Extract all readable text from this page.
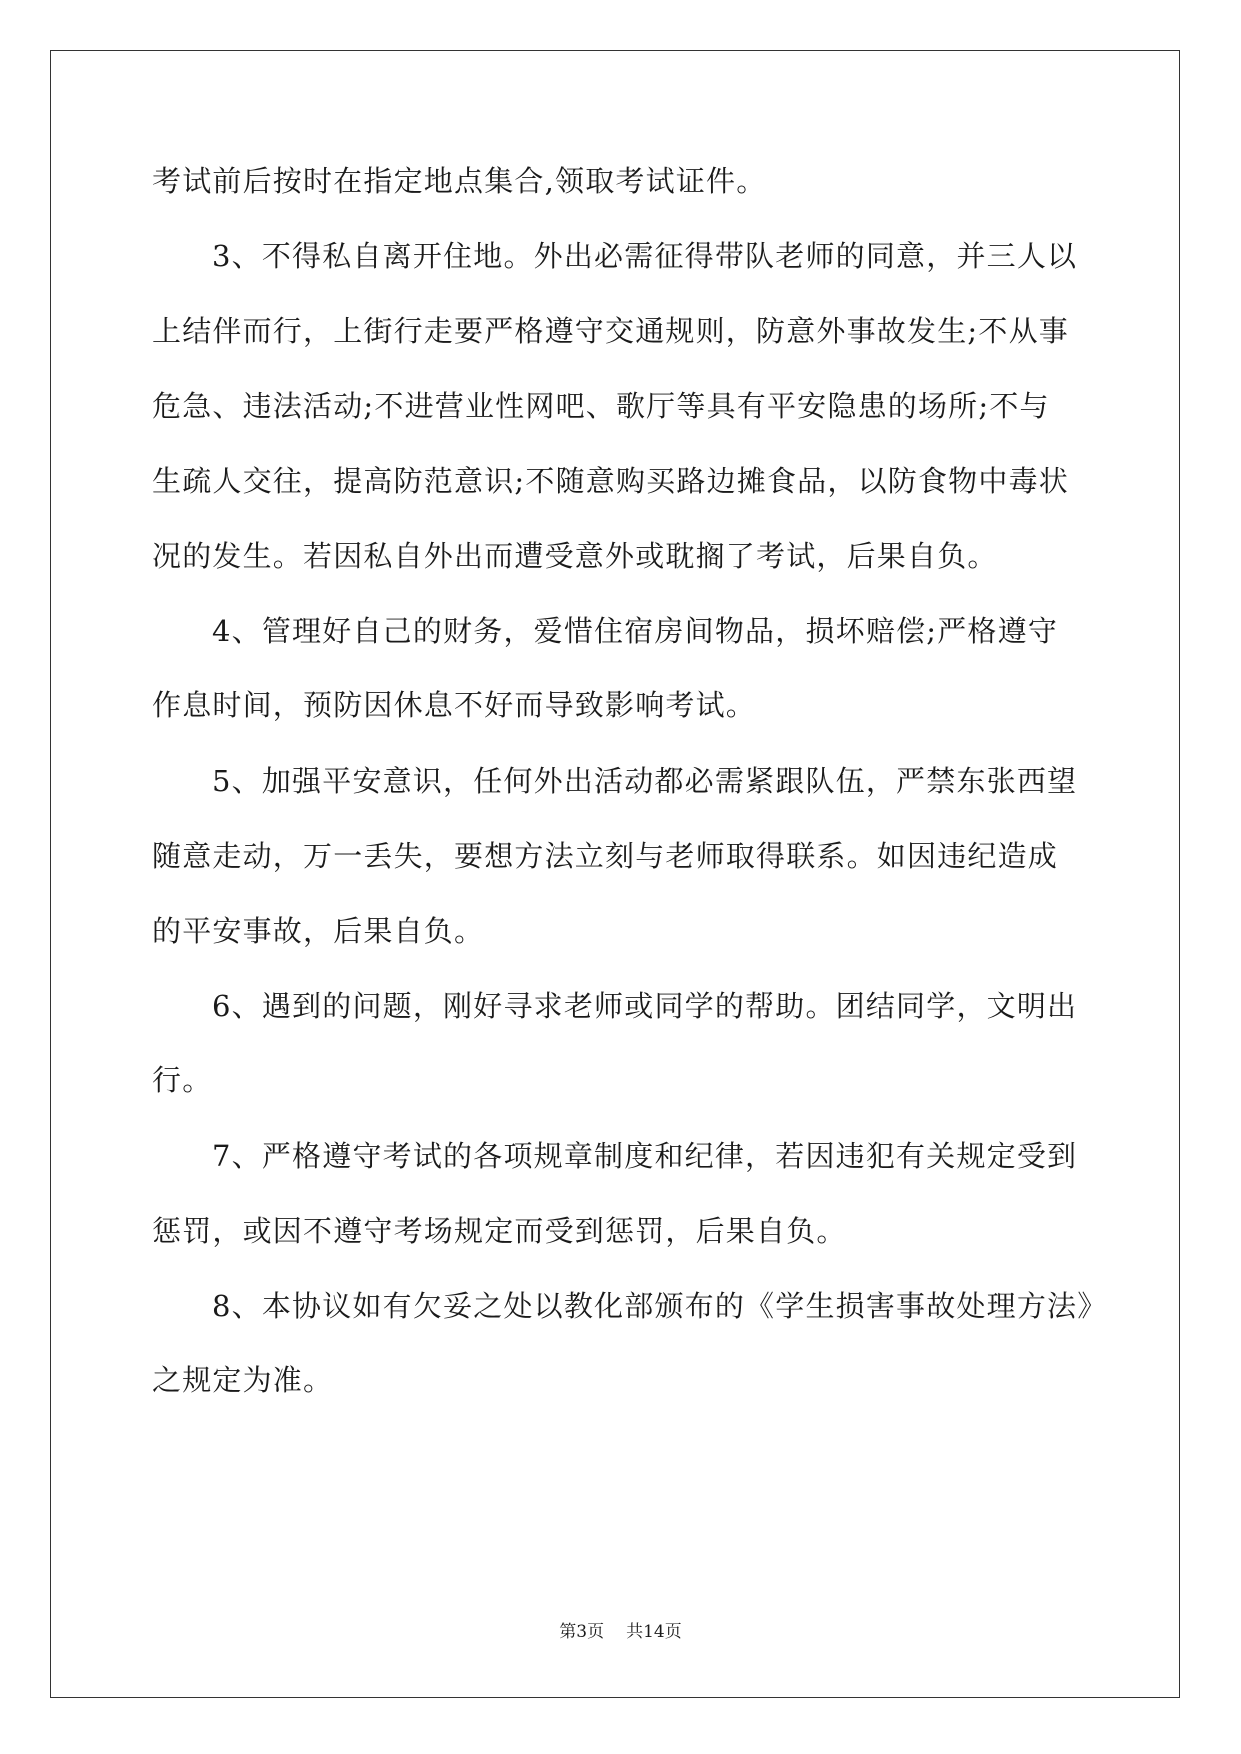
考试前后按时在指定地点集合,领取考试证件。
3、不得私自离开住地。外出必需征得带队老师的同意，并三人以
上结伴而行，上街行走要严格遵守交通规则，防意外事故发生;不从事
危急、违法活动;不进营业性网吧、歌厅等具有平安隐患的场所;不与
生疏人交往，提高防范意识;不随意购买路边摊食品，以防食物中毒状
况的发生。若因私自外出而遭受意外或耽搁了考试，后果自负。
4、管理好自己的财务，爱惜住宿房间物品，损坏赔偿;严格遵守
作息时间，预防因休息不好而导致影响考试。
5、加强平安意识，任何外出活动都必需紧跟队伍，严禁东张西望
随意走动，万一丢失，要想方法立刻与老师取得联系。如因违纪造成
的平安事故，后果自负。
6、遇到的问题，刚好寻求老师或同学的帮助。团结同学，文明出
行。
7、严格遵守考试的各项规章制度和纪律，若因违犯有关规定受到
惩罚，或因不遵守考场规定而受到惩罚，后果自负。
8、本协议如有欠妥之处以教化部颁布的《学生损害事故处理方法》
之规定为准。
第3页 共14页
